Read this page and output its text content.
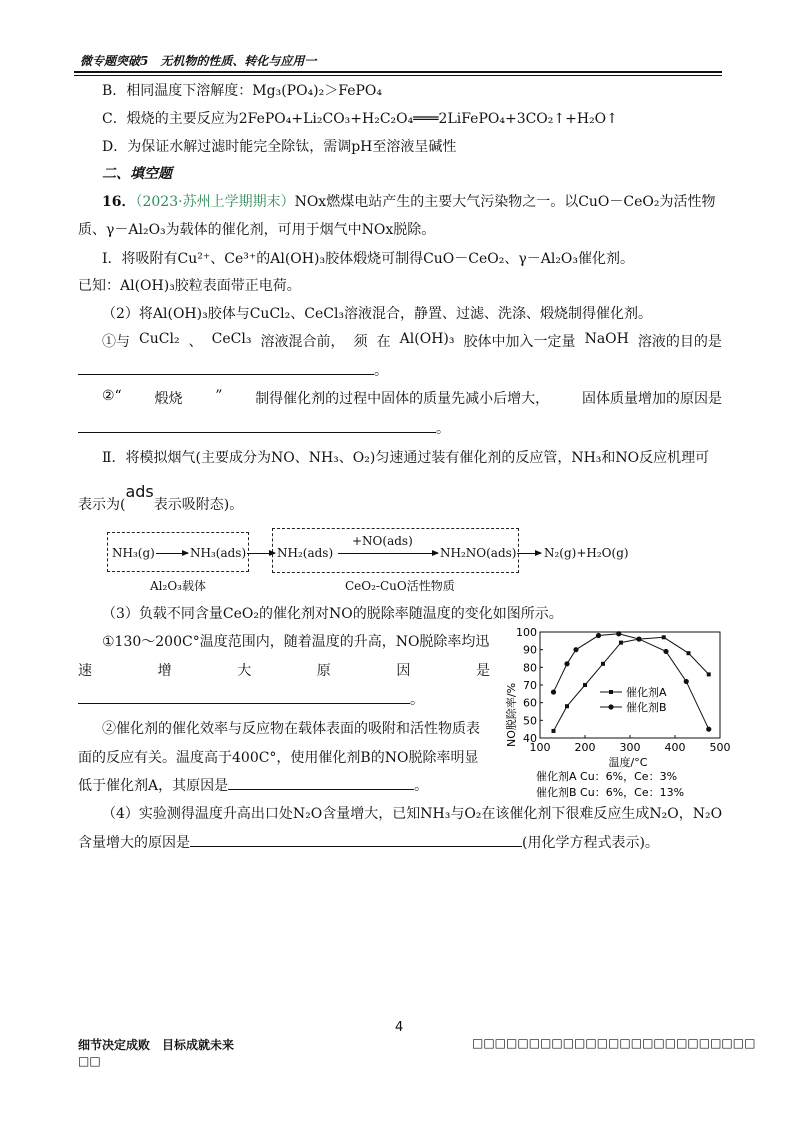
微专题突破5　无机物的性质、转化与应用一
B．相同温度下溶解度：Mg₃(PO₄)₂＞FePO₄
C．煅烧的主要反应为2FePO₄+Li₂CO₃+H₂C₂O₄═══2LiFePO₄+3CO₂↑+H₂O↑
D．为保证水解过滤时能完全除钛，需调pH至溶液呈碱性
二、填空题
16．（2023·苏州上学期期末）NOx燃煤电站产生的主要大气污染物之一。以CuO－CeO₂为活性物
质、γ－Al₂O₃为载体的催化剂，可用于烟气中NOx脱除。
Ⅰ．将吸附有Cu²⁺、Ce³⁺的Al(OH)₃胶体煅烧可制得CuO－CeO₂、γ－Al₂O₃催化剂。
已知：Al(OH)₃胶粒表面带正电荷。
（2）将Al(OH)₃胶体与CuCl₂、CeCl₃溶液混合，静置、过滤、洗涤、煅烧制得催化剂。
①与 CuCl₂ 、 CeCl₃ 溶液混合前， 须 在 Al(OH)₃ 胶体中加入一定量 NaOH 溶液的目的是
。
②“ 煅烧 ” 制得催化剂的过程中固体的质量先减小后增大， 固体质量增加的原因是
。
Ⅱ．将模拟烟气(主要成分为NO、NH₃、O₂)匀速通过装有催化剂的反应管，NH₃和NO反应机理可
表示为(ads表示吸附态)。
NH₃(g)	NH₃(ads)	NH₂(ads)
+NO(ads)
NH₂NO(ads) N₂(g)+H₂O(g)
Al₂O₃载体	CeO₂-CuO活性物质
（3）负载不同含量CeO₂的催化剂对NO的脱除率随温度的变化如图所示。
①130～200C°温度范围内，随着温度的升高，NO脱除率均迅
速	增	大	原	因	是
。
②催化剂的催化效率与反应物在载体表面的吸附和活性物质表
面的反应有关。温度高于400C°，使用催化剂B的NO脱除率明显
低于催化剂A，其原因是	。
（4）实验测得温度升高出口处N₂O含量增大，已知NH₃与O₂在该催化剂下很难反应生成N₂O，N₂O
含量增大的原因是	(用化学方程式表示)。
40
50
60
70
80
90
100
100 200 300 400 500
催化剂A
催化剂B
NO脱除率/%
温度/°C
催化剂A Cu：6%，Ce：3%
催化剂B Cu：6%，Ce：13%
4
细节决定成败　目标成就未来
□□
□□□□□□□□□□□□□□□□□□□□□□□□□
